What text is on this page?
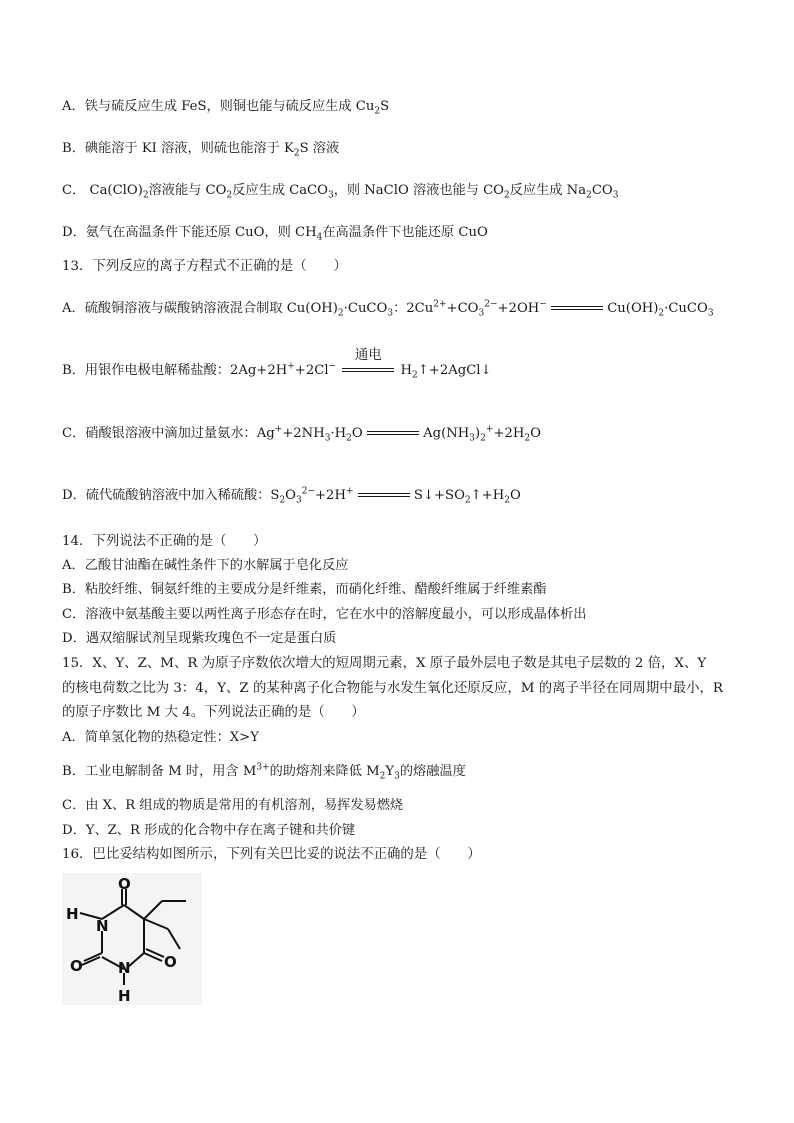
A．铁与硫反应生成 FeS，则铜也能与硫反应生成 $Cu_2S$
B．碘能溶于 KI 溶液，则硫也能溶于 $K_2S$ 溶液
C． $Ca(ClO)_2$溶液能与 $CO_2$反应生成 CaCO$_3$，则 NaClO 溶液也能与 $CO_2$反应生成 $Na_2CO_3$
D．氨气在高温条件下能还原 CuO，则 $CH_4$在高温条件下也能还原 CuO
13．下列反应的离子方程式不正确的是（　　）
A．硫酸铜溶液与碳酸钠溶液混合制取 $Cu(OH)_2\cdot CuCO_3$：$2Cu^{2+}+CO_3^{2-}+2OH^-$	$Cu(OH)_2\cdot CuCO_3$
B．用银作电极电解稀盐酸：2Ag+2H++2Cl−
通电
$H_2↑+2AgCl↓$
C．硝酸银溶液中滴加过量氨水：$Ag^++2NH_3\cdot H_2O$	$Ag(NH_3)_2^++2H_2O$
D．硫代硫酸钠溶液中加入稀硫酸：$S_2O_3^{2-}+2H^+$	$S↓+SO_2↑+H_2O$
14．下列说法不正确的是（　　）
A．乙酸甘油酯在碱性条件下的水解属于皂化反应
B．粘胶纤维、铜氨纤维的主要成分是纤维素，而硝化纤维、醋酸纤维属于纤维素酯
C．溶液中氨基酸主要以两性离子形态存在时，它在水中的溶解度最小，可以形成晶体析出
D．遇双缩脲试剂呈现紫玫瑰色不一定是蛋白质
15．X、Y、Z、M、R 为原子序数依次增大的短周期元素，X 原子最外层电子数是其电子层数的 2 倍，X、Y
的核电荷数之比为 3：4，Y、Z 的某种离子化合物能与水发生氧化还原反应，M 的离子半径在同周期中最小，R
的原子序数比 M 大 4。下列说法正确的是（　　）
A．简单氢化物的热稳定性：X>Y
B．工业电解制备 M 时，用含 $M^{3+}$的助熔剂来降低 $M_2Y_3$的熔融温度
C．由 X、R 组成的物质是常用的有机溶剂，易挥发易燃烧
D．Y、Z、R 形成的化合物中存在离子键和共价键
16．巴比妥结构如图所示，下列有关巴比妥的说法不正确的是（　　）
O
H
N
O N O
H
